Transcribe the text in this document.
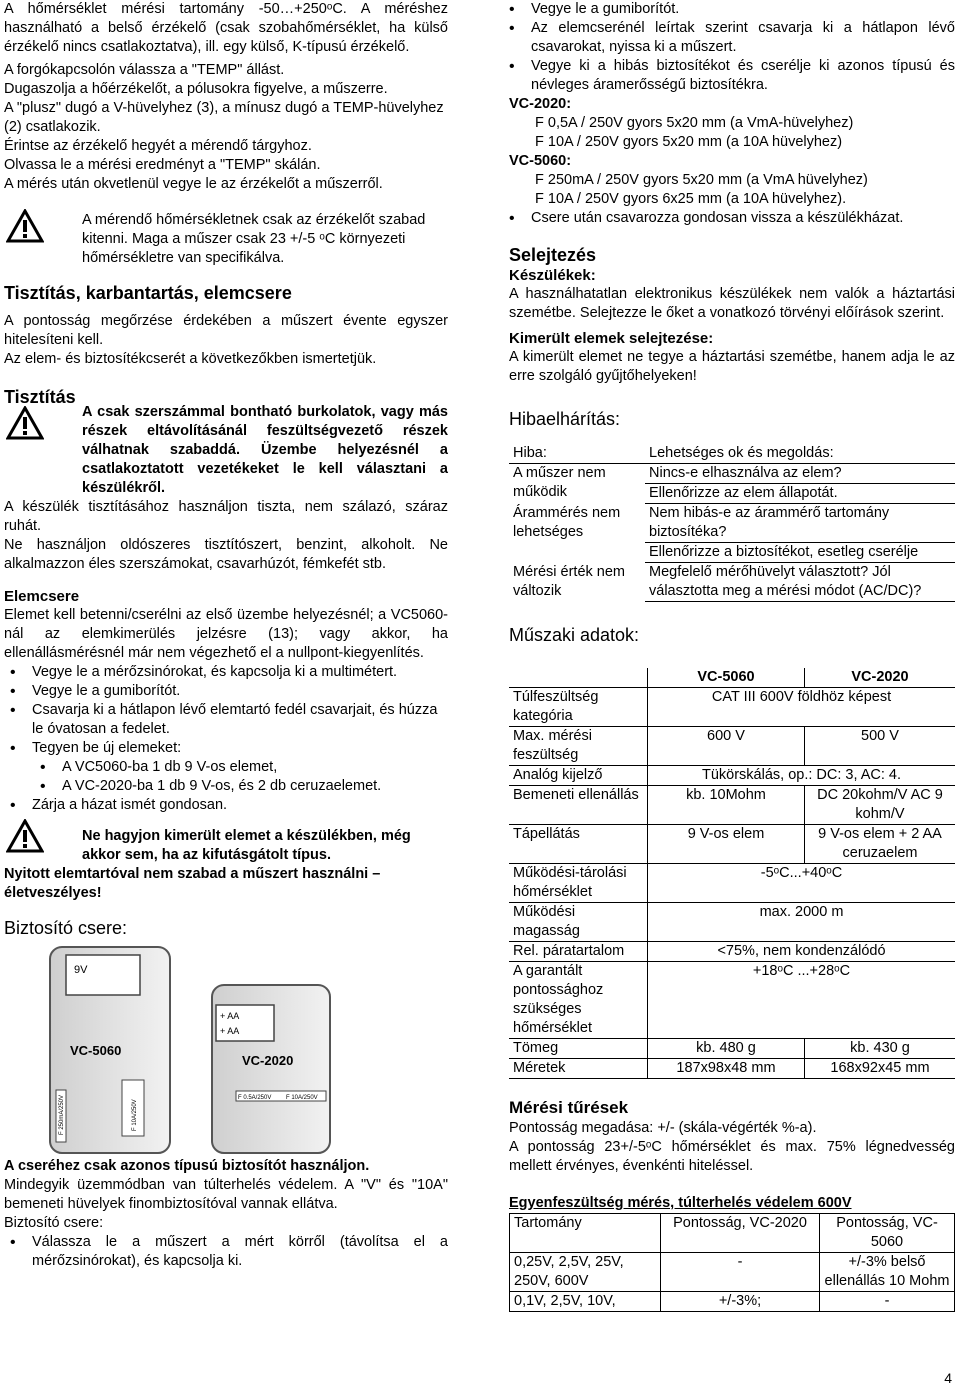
A hőmérséklet mérési tartomány -50…+250ᵒC. A méréshez használható a belső érzékelő (csak szobahőmérséklet, ha külső érzékelő nincs csatlakoztatva), ill. egy külső, K-típusú érzékelő.

A forgókapcsolón válassza a "TEMP" állást.

Dugaszolja a hőérzékelőt, a pólusokra figyelve, a műszerre.

A "plusz" dugó a V-hüvelyhez (3), a mínusz dugó a TEMP-hüvelyhez (2) csatlakozik.

Érintse az érzékelő hegyét a mérendő tárgyhoz.

Olvassa le a mérési eredményt a "TEMP" skálán.

A mérés után okvetlenül vegye le az érzékelőt a műszerről.

A mérendő hőmérsékletnek csak az érzékelőt szabad kitenni. Maga a műszer csak 23 +/-5 ᵒC környezeti hőmérsékletre van specifikálva.

Tisztítás, karbantartás, elemcsere

A pontosság megőrzése érdekében a műszert évente egyszer hitelesíteni kell.

Az elem- és biztosítékcserét a következőkben ismertetjük.

Tisztítás

A csak szerszámmal bontható burkolatok, vagy más részek eltávolításánál feszültségvezető részek válhatnak szabaddá. Üzembe helyezésnél a csatlakoztatott vezetékeket le kell választani a készülékről.

A készülék tisztításához használjon tiszta, nem szálazó, száraz ruhát.

Ne használjon oldószeres tisztítószert, benzint, alkoholt. Ne alkalmazzon éles szerszámokat, csavarhúzót, fémkefét stb.

Elemcsere

Elemet kell betenni/cserélni az első üzembe helyezésnél; a VC5060-nál az elemkimerülés jelzésre (13); vagy akkor, ha ellenállásmérésnél már nem végezhető el a nullpont-kiegyenlítés.

• Vegye le a mérőzsinórokat, és kapcsolja ki a multimétert.
• Vegye le a gumiborítót.
• Csavarja ki a hátlapon lévő elemtartó fedél csavarjait, és húzza le óvatosan a fedelet.
• Tegyen be új elemeket:
• A VC5060-ba 1 db 9 V-os elemet,
• A VC-2020-ba 1 db 9 V-os, és 2 db ceruzaelemet.
• Zárja a házat ismét gondosan.

Ne hagyjon kimerült elemet a készülékben, még akkor sem, ha az kifutásgátolt típus.

Nyitott elemtartóval nem szabad a műszert használni – életveszélyes!

Biztosító csere:

9V
VC-5060
F 250mA/250V	F 10A/250V
+ AA
+ AA
VC-2020
F 0.5A/250V F 10A/250V

A cseréhez csak azonos típusú biztosítót használjon.

Mindegyik üzemmódban van túlterhelés védelem. A "V" és "10A" bemeneti hüvelyek finombiztosítóval vannak ellátva.

Biztosító csere:

• Válassza le a műszert a mért körről (távolítsa el a mérőzsinórokat), és kapcsolja ki.
• Vegye le a gumiborítót.
• Az elemcserénél leírtak szerint csavarja ki a hátlapon lévő csavarokat, nyissa ki a műszert.
• Vegye ki a hibás biztosítékot és cserélje ki azonos típusú és névleges áramerősségű biztosítékra.

VC-2020:

F 0,5A / 250V gyors 5x20 mm (a VmA-hüvelyhez)

F 10A / 250V gyors 5x20 mm (a 10A hüvelyhez)

VC-5060:

F 250mA / 250V gyors 5x20 mm (a VmA hüvelyhez)

F 10A / 250V gyors 6x25 mm (a 10A hüvelyhez).

• Csere után csavarozza gondosan vissza a készülékházat.

Selejtezés

Készülékek:

A használhatatlan elektronikus készülékek nem valók a háztartási szemétbe. Selejtezze le őket a vonatkozó törvényi előírások szerint.

Kimerült elemek selejtezése:

A kimerült elemet ne tegye a háztartási szemétbe, hanem adja le az erre szolgáló gyűjtőhelyeken!

Hibaelhárítás:

Hiba:	Lehetséges ok és megoldás:
A műszer nem működik	Nincs-e elhasználva az elem?
Ellenőrizze az elem állapotát.

Árammérés nem lehetséges	Nem hibás-e az árammérő tartomány biztosítéka?
Ellenőrizze a biztosítékot, esetleg cserélje

Mérési érték nem változik	Megfelelő mérőhüvelyt választott? Jól választotta meg a mérési módot (AC/DC)?

Műszaki adatok:

	VC-5060	VC-2020
Túlfeszültség kategória	CAT III 600V földhöz képest	
Max. mérési feszültség	600 V	500 V
Analóg kijelző	Tükörskálás, op.: DC: 3, AC: 4.	
Bemeneti ellenállás	kb. 10Mohm	DC 20kohm/V AC 9 kohm/V
Tápellátás	9 V-os elem	9 V-os elem + 2 AA ceruzaelem
Működési-tárolási hőmérséklet	-5ᵒC...+40ᵒC	
Működési magasság	max. 2000 m	
Rel. páratartalom	<75%, nem kondenzálódó	
A garantált pontossághoz szükséges hőmérséklet	+18ᵒC ...+28ᵒC	
Tömeg	kb. 480 g	kb. 430 g
Méretek	187x98x48 mm	168x92x45 mm

Mérési tűrések

Pontosság megadása: +/- (skála-végérték %-a).

A pontosság 23+/-5ᵒC hőmérséklet és max. 75% légnedvesség mellett érvényes, évenkénti hiteléssel.

Egyenfeszültség mérés, túlterhelés védelem 600V

Tartomány	Pontosság, VC-2020	Pontosság, VC-5060
0,25V, 2,5V, 25V, 250V, 600V	-	+/-3% belső ellenállás 10 Mohm
0,1V, 2,5V, 10V,	+/-3%;	-
4
